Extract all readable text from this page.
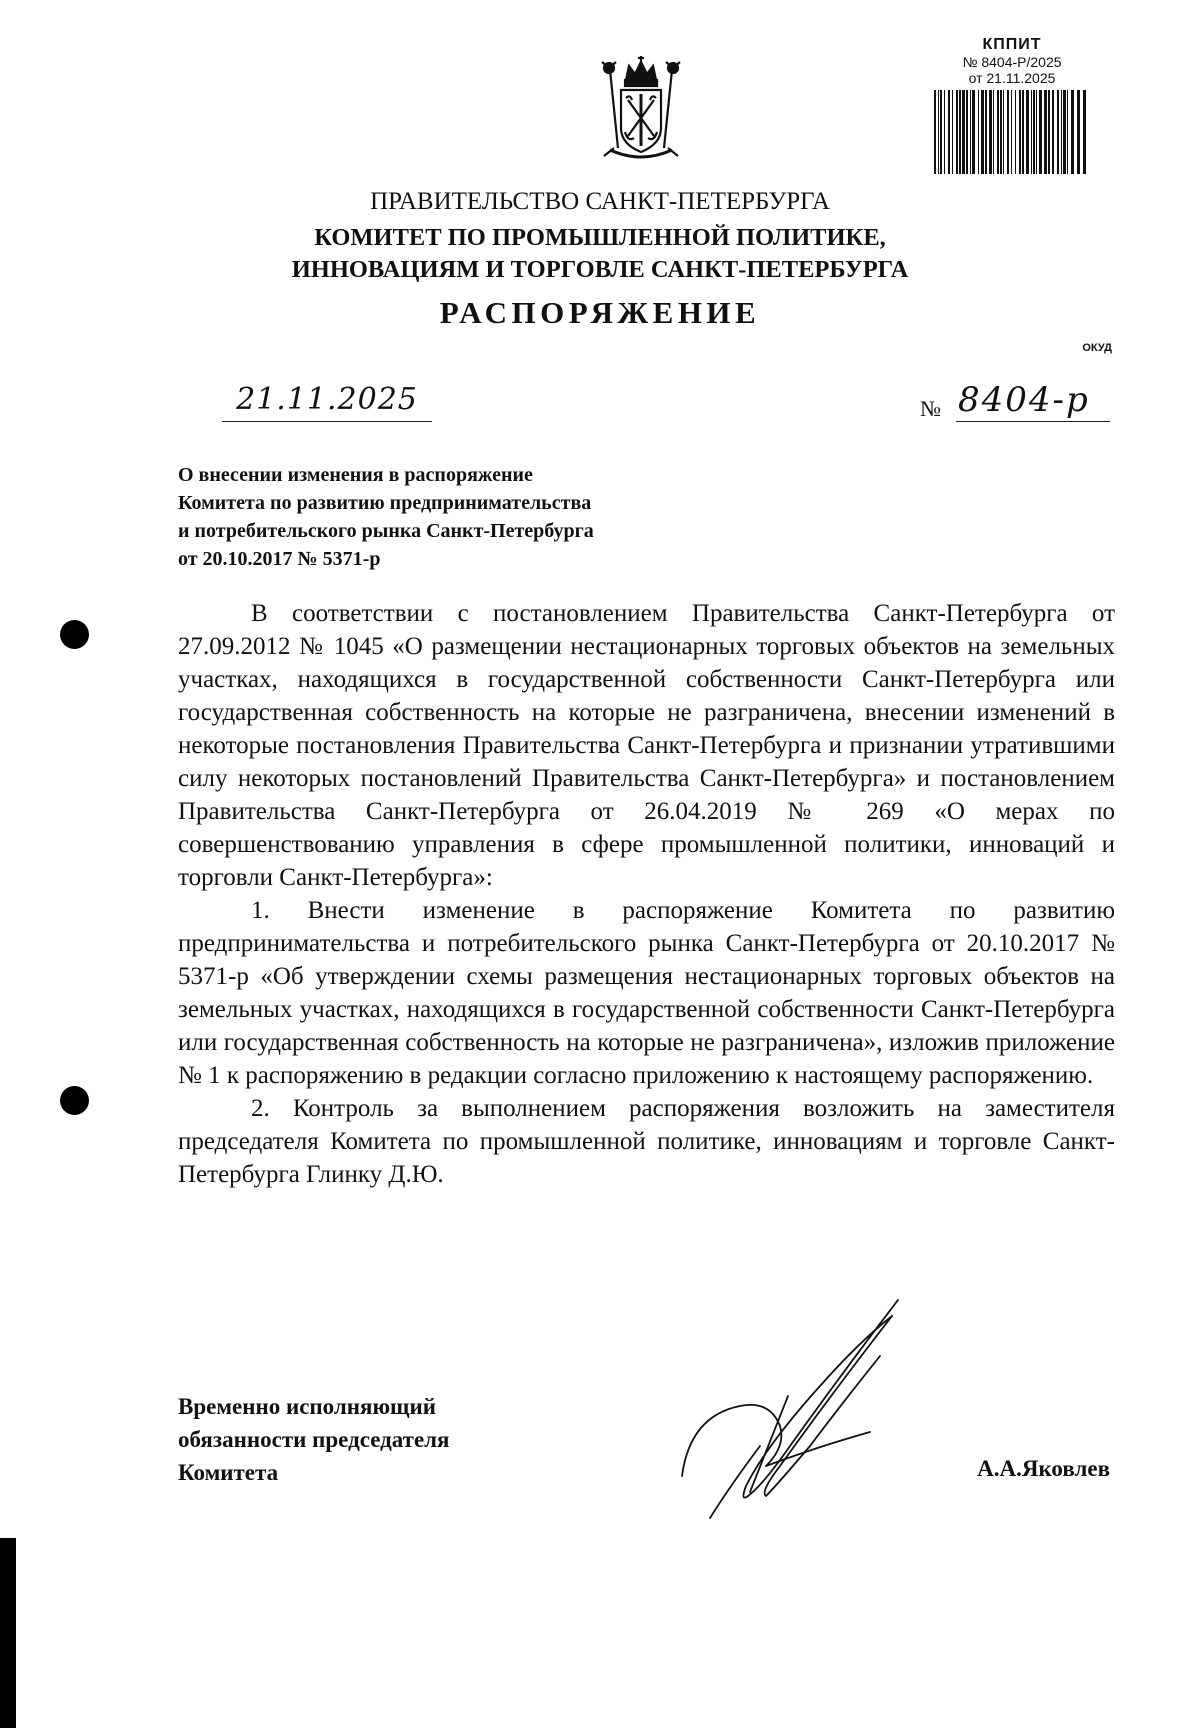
КППИТ
№ 8404-Р/2025
от 21.11.2025
ПРАВИТЕЛЬСТВО САНКТ-ПЕТЕРБУРГА
КОМИТЕТ ПО ПРОМЫШЛЕННОЙ ПОЛИТИКЕ,
ИННОВАЦИЯМ И ТОРГОВЛЕ САНКТ-ПЕТЕРБУРГА
РАСПОРЯЖЕНИЕ
ОКУД
21.11.2025	№ 8404-р
О внесении изменения в распоряжение
Комитета по развитию предпринимательства
и потребительского рынка Санкт-Петербурга
от 20.10.2017 № 5371-р

В соответствии с постановлением Правительства Санкт-Петербурга от 27.09.2012 № 1045 «О размещении нестационарных торговых объектов на земельных участках, находящихся в государственной собственности Санкт-Петербурга или государственная собственность на которые не разграничена, внесении изменений в некоторые постановления Правительства Санкт-Петербурга и признании утратившими силу некоторых постановлений Правительства Санкт-Петербурга» и постановлением Правительства Санкт-Петербурга от 26.04.2019 № 269 «О мерах по совершенствованию управления в сфере промышленной политики, инноваций и торговли Санкт-Петербурга»:

1. Внести изменение в распоряжение Комитета по развитию предпринимательства и потребительского рынка Санкт-Петербурга от 20.10.2017 № 5371-р «Об утверждении схемы размещения нестационарных торговых объектов на земельных участках, находящихся в государственной собственности Санкт-Петербурга или государственная собственность на которые не разграничена», изложив приложение № 1 к распоряжению в редакции согласно приложению к настоящему распоряжению.

2. Контроль за выполнением распоряжения возложить на заместителя председателя Комитета по промышленной политике, инновациям и торговле Санкт-Петербурга Глинку Д.Ю.

Временно исполняющий
обязанности председателя
Комитета	А.А.Яковлев
